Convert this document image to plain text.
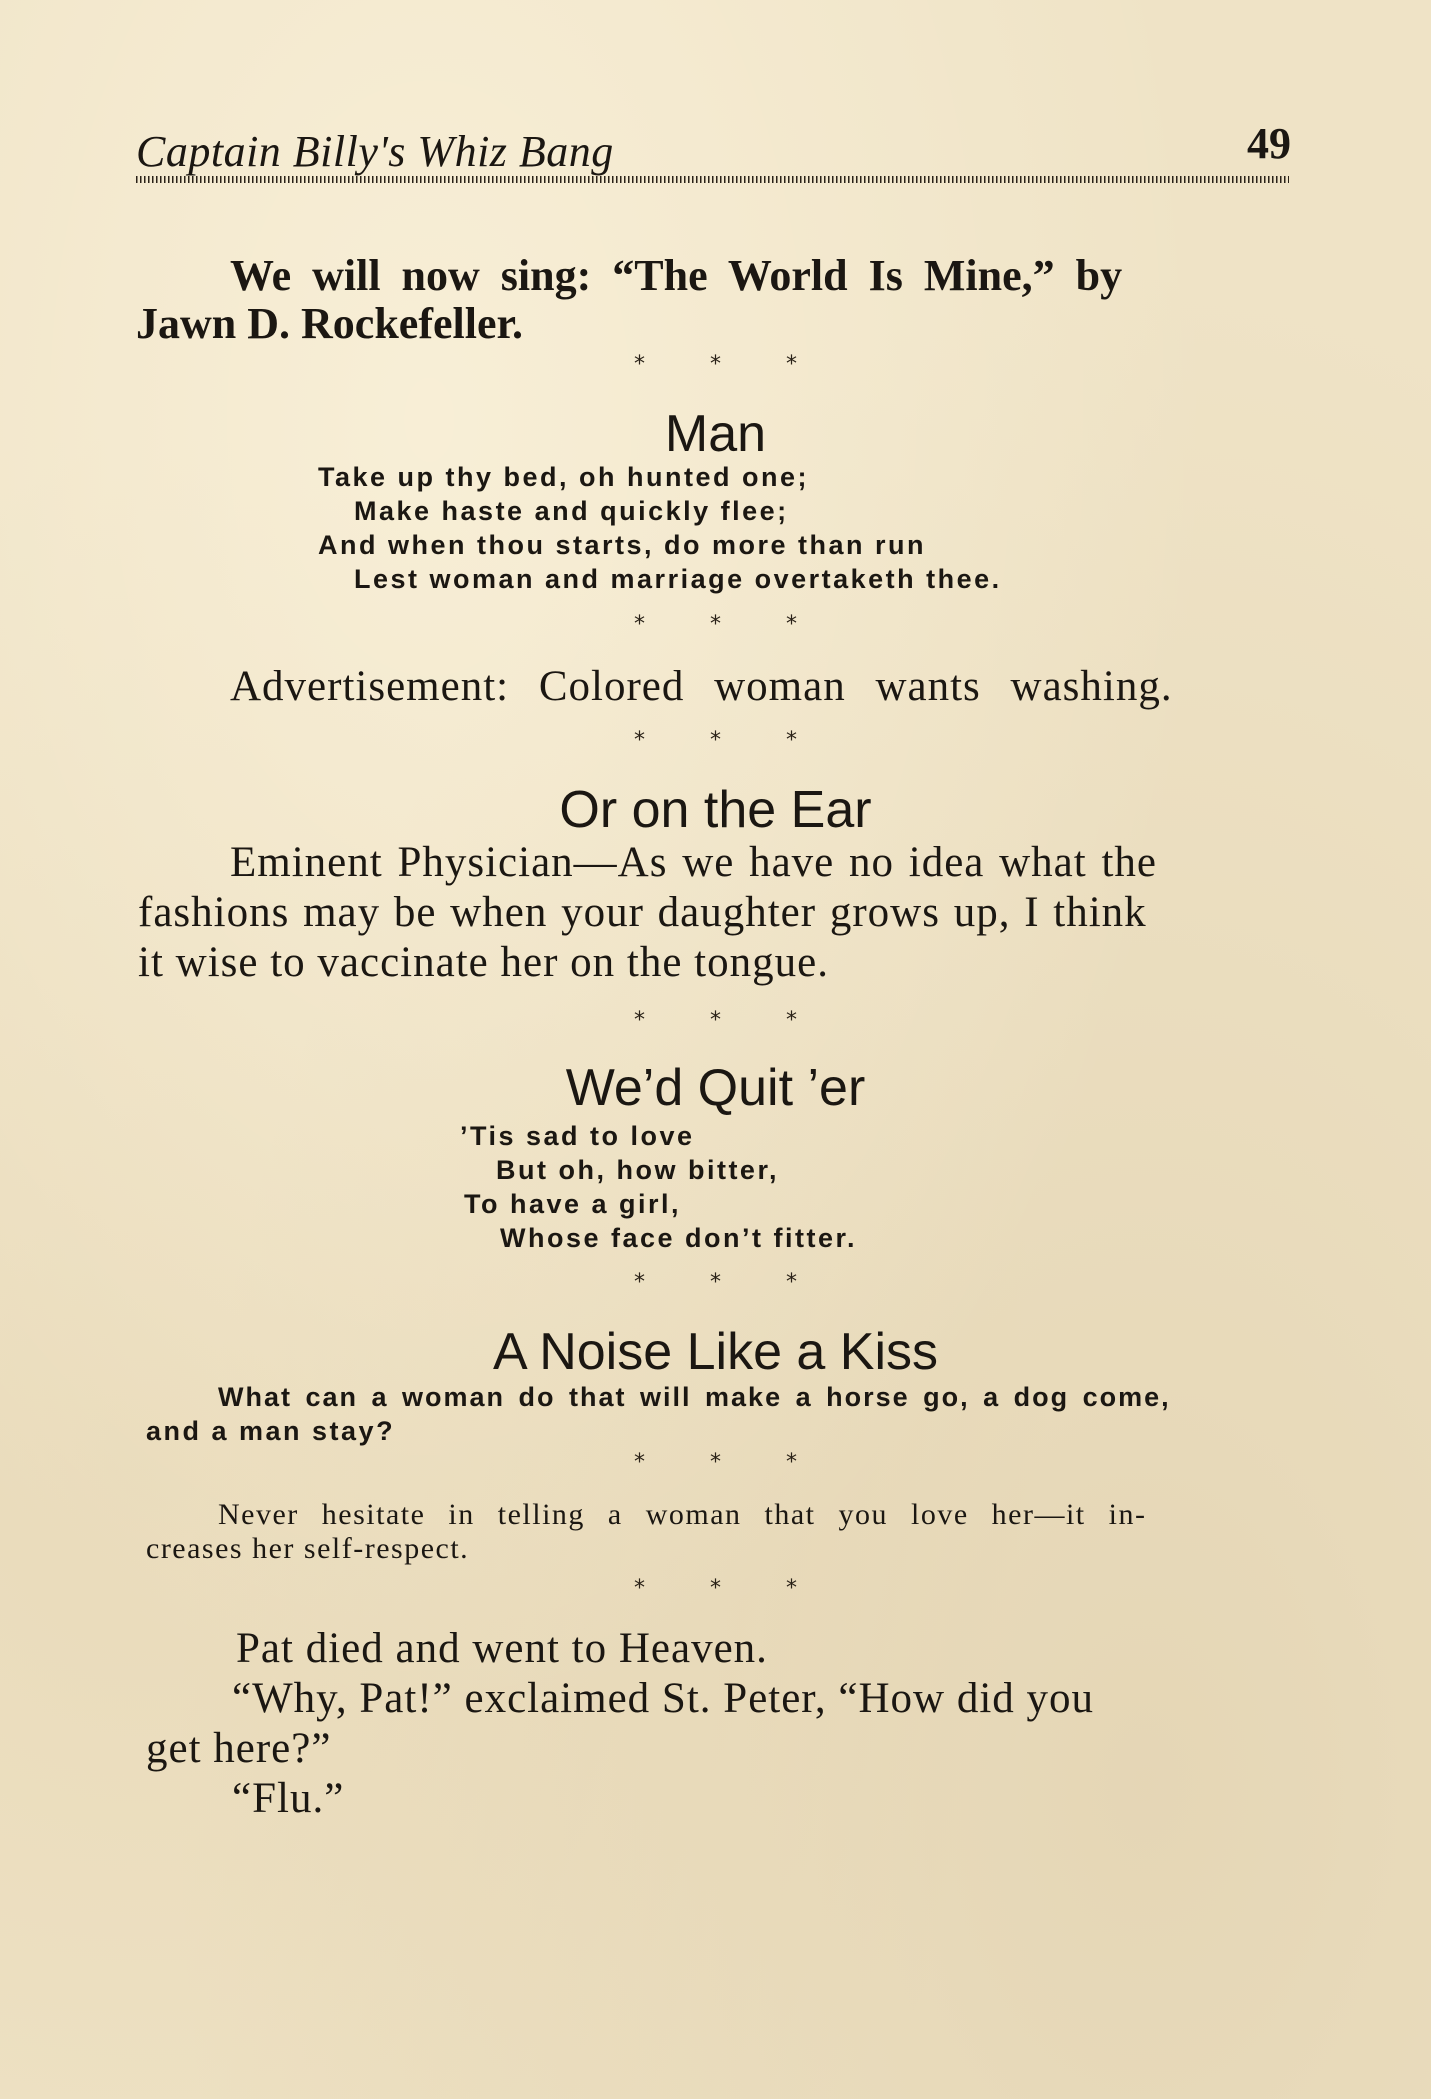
Captain Billy's Whiz Bang	49
We will now sing: “The World Is Mine,” by
Jawn D. Rockefeller.
* * *
Man
Take up thy bed, oh hunted one;
Make haste and quickly flee;
And when thou starts, do more than run
Lest woman and marriage overtaketh thee.
* * *
Advertisement: Colored woman wants washing.
* * *
Or on the Ear
Eminent Physician—As we have no idea what the
fashions may be when your daughter grows up, I think
it wise to vaccinate her on the tongue.
* * *
We’d Quit ’er
’Tis sad to love
But oh, how bitter,
To have a girl,
Whose face don’t fitter.
* * *
A Noise Like a Kiss
What can a woman do that will make a horse go, a dog come,
and a man stay?
* * *
Never hesitate in telling a woman that you love her—it in-
creases her self-respect.
* * *
Pat died and went to Heaven.
“Why, Pat!” exclaimed St. Peter, “How did you
get here?”
“Flu.”
